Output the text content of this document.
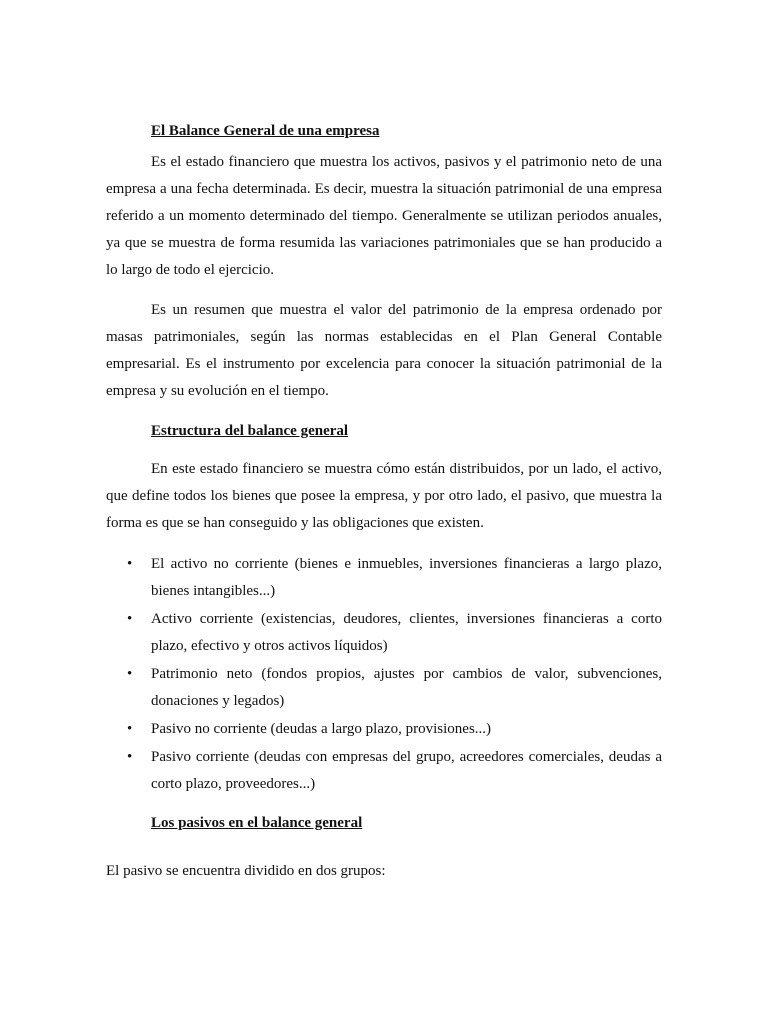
El Balance General de una empresa

Es el estado financiero que muestra los activos, pasivos y el patrimonio neto de una empresa a una fecha determinada. Es decir, muestra la situación patrimonial de una empresa referido a un momento determinado del tiempo. Generalmente se utilizan periodos anuales, ya que se muestra de forma resumida las variaciones patrimoniales que se han producido a lo largo de todo el ejercicio.

Es un resumen que muestra el valor del patrimonio de la empresa ordenado por masas patrimoniales, según las normas establecidas en el Plan General Contable empresarial. Es el instrumento por excelencia para conocer la situación patrimonial de la empresa y su evolución en el tiempo.

Estructura del balance general

En este estado financiero se muestra cómo están distribuidos, por un lado, el activo, que define todos los bienes que posee la empresa, y por otro lado, el pasivo, que muestra la forma es que se han conseguido y las obligaciones que existen.

• El activo no corriente (bienes e inmuebles, inversiones financieras a largo plazo, bienes intangibles...)
• Activo corriente (existencias, deudores, clientes, inversiones financieras a corto plazo, efectivo y otros activos líquidos)
• Patrimonio neto (fondos propios, ajustes por cambios de valor, subvenciones, donaciones y legados)
• Pasivo no corriente (deudas a largo plazo, provisiones...)
• Pasivo corriente (deudas con empresas del grupo, acreedores comerciales, deudas a corto plazo, proveedores...)
Los pasivos en el balance general

El pasivo se encuentra dividido en dos grupos:
